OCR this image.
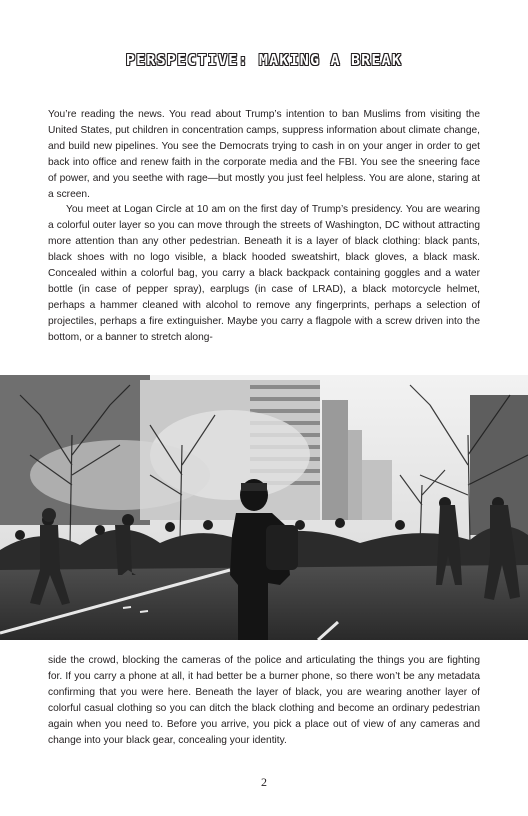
PERSPECTIVE: MAKING A BREAK

You’re reading the news. You read about Trump’s intention to ban Muslims from visiting the United States, put children in concentration camps, suppress information about climate change, and build new pipelines. You see the Democrats trying to cash in on your anger in order to get back into office and renew faith in the corporate media and the FBI. You see the sneering face of power, and you seethe with rage—but mostly you just feel helpless. You are alone, staring at a screen.

You meet at Logan Circle at 10 am on the first day of Trump’s presidency. You are wearing a colorful outer layer so you can move through the streets of Washington, DC without attracting more attention than any other pedestrian. Beneath it is a layer of black clothing: black pants, black shoes with no logo visible, a black hooded sweatshirt, black gloves, a black mask. Concealed within a colorful bag, you carry a black backpack containing goggles and a water bottle (in case of pepper spray), earplugs (in case of LRAD), a black motorcycle helmet, perhaps a hammer cleaned with alcohol to remove any fingerprints, perhaps a selection of projectiles, perhaps a fire extinguisher. Maybe you carry a flagpole with a screw driven into the bottom, or a banner to stretch along-

side the crowd, blocking the cameras of the police and articulating the things you are fighting for. If you carry a phone at all, it had better be a burner phone, so there won’t be any metadata confirming that you were here. Beneath the layer of black, you are wearing another layer of colorful casual clothing so you can ditch the black clothing and become an ordinary pedestrian again when you need to. Before you arrive, you pick a place out of view of any cameras and change into your black gear, concealing your identity.

2
